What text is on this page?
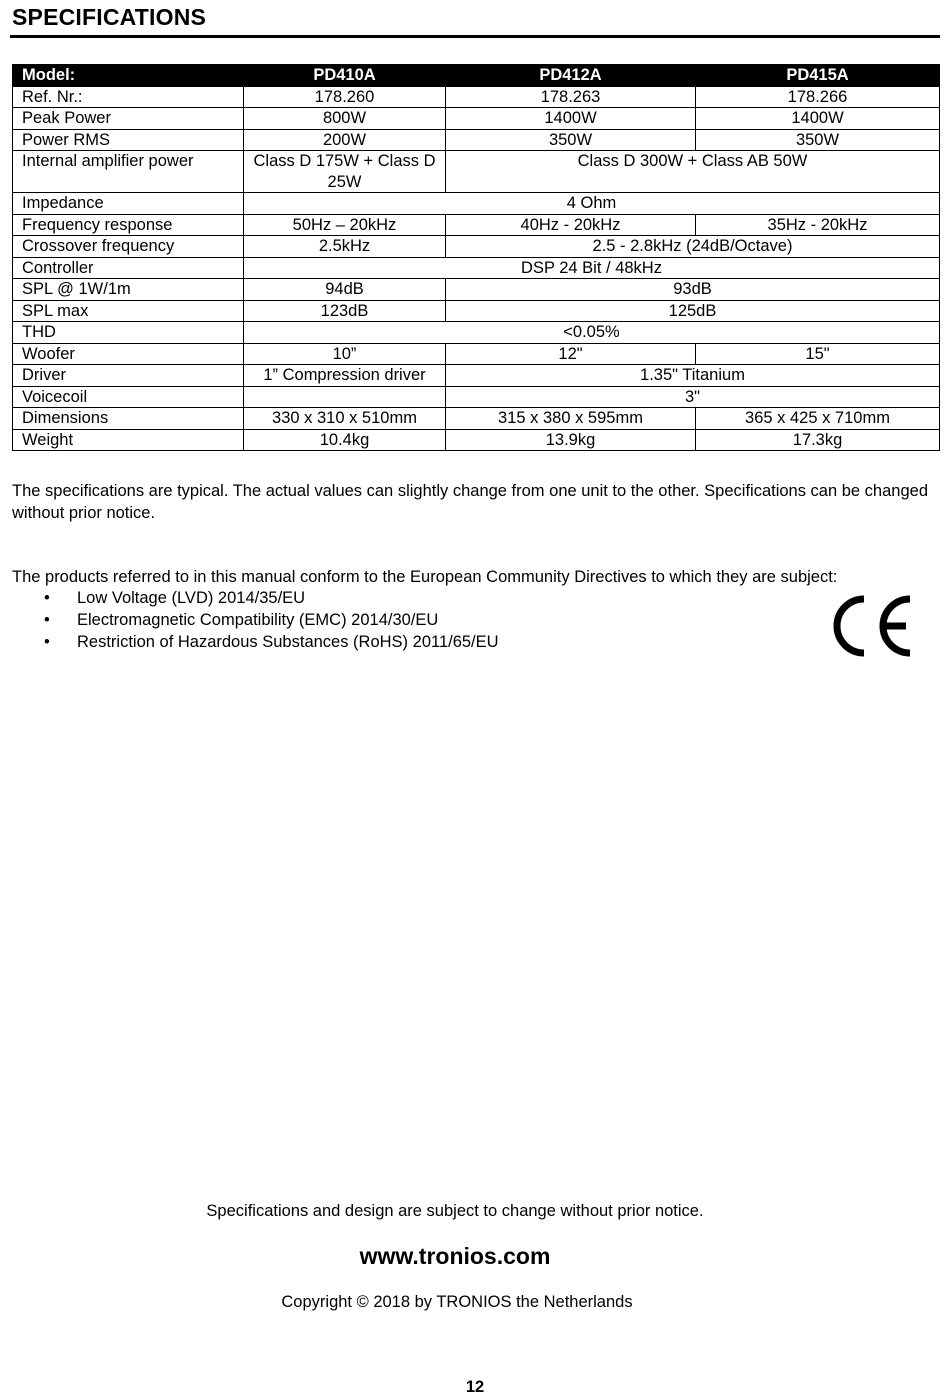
SPECIFICATIONS
Model:	PD410A	PD412A	PD415A
Ref. Nr.:	178.260	178.263	178.266
Peak Power	800W	1400W	1400W
Power RMS	200W	350W	350W
Internal amplifier power	Class D 175W + Class D 25W	Class D 300W + Class AB 50W	
Impedance	4 Ohm		
Frequency response	50Hz – 20kHz	40Hz - 20kHz	35Hz - 20kHz
Crossover frequency	2.5kHz	2.5 - 2.8kHz (24dB/Octave)	
Controller	DSP 24 Bit / 48kHz		
SPL @ 1W/1m	94dB	93dB	
SPL max	123dB	125dB	
THD	<0.05%		
Woofer	10”	12"	15"
Driver	1” Compression driver	1.35" Titanium	
Voicecoil		3"	
Dimensions	330 x 310 x 510mm	315 x 380 x 595mm	365 x 425 x 710mm
Weight	10.4kg	13.9kg	17.3kg

The specifications are typical. The actual values can slightly change from one unit to the other. Specifications can be changed without prior notice.

The products referred to in this manual conform to the European Community Directives to which they are subject:

• Low Voltage (LVD) 2014/35/EU
• Electromagnetic Compatibility (EMC) 2014/30/EU
• Restriction of Hazardous Substances (RoHS) 2011/65/EU
Specifications and design are subject to change without prior notice.
www.tronios.com
Copyright © 2018 by TRONIOS the Netherlands
12
